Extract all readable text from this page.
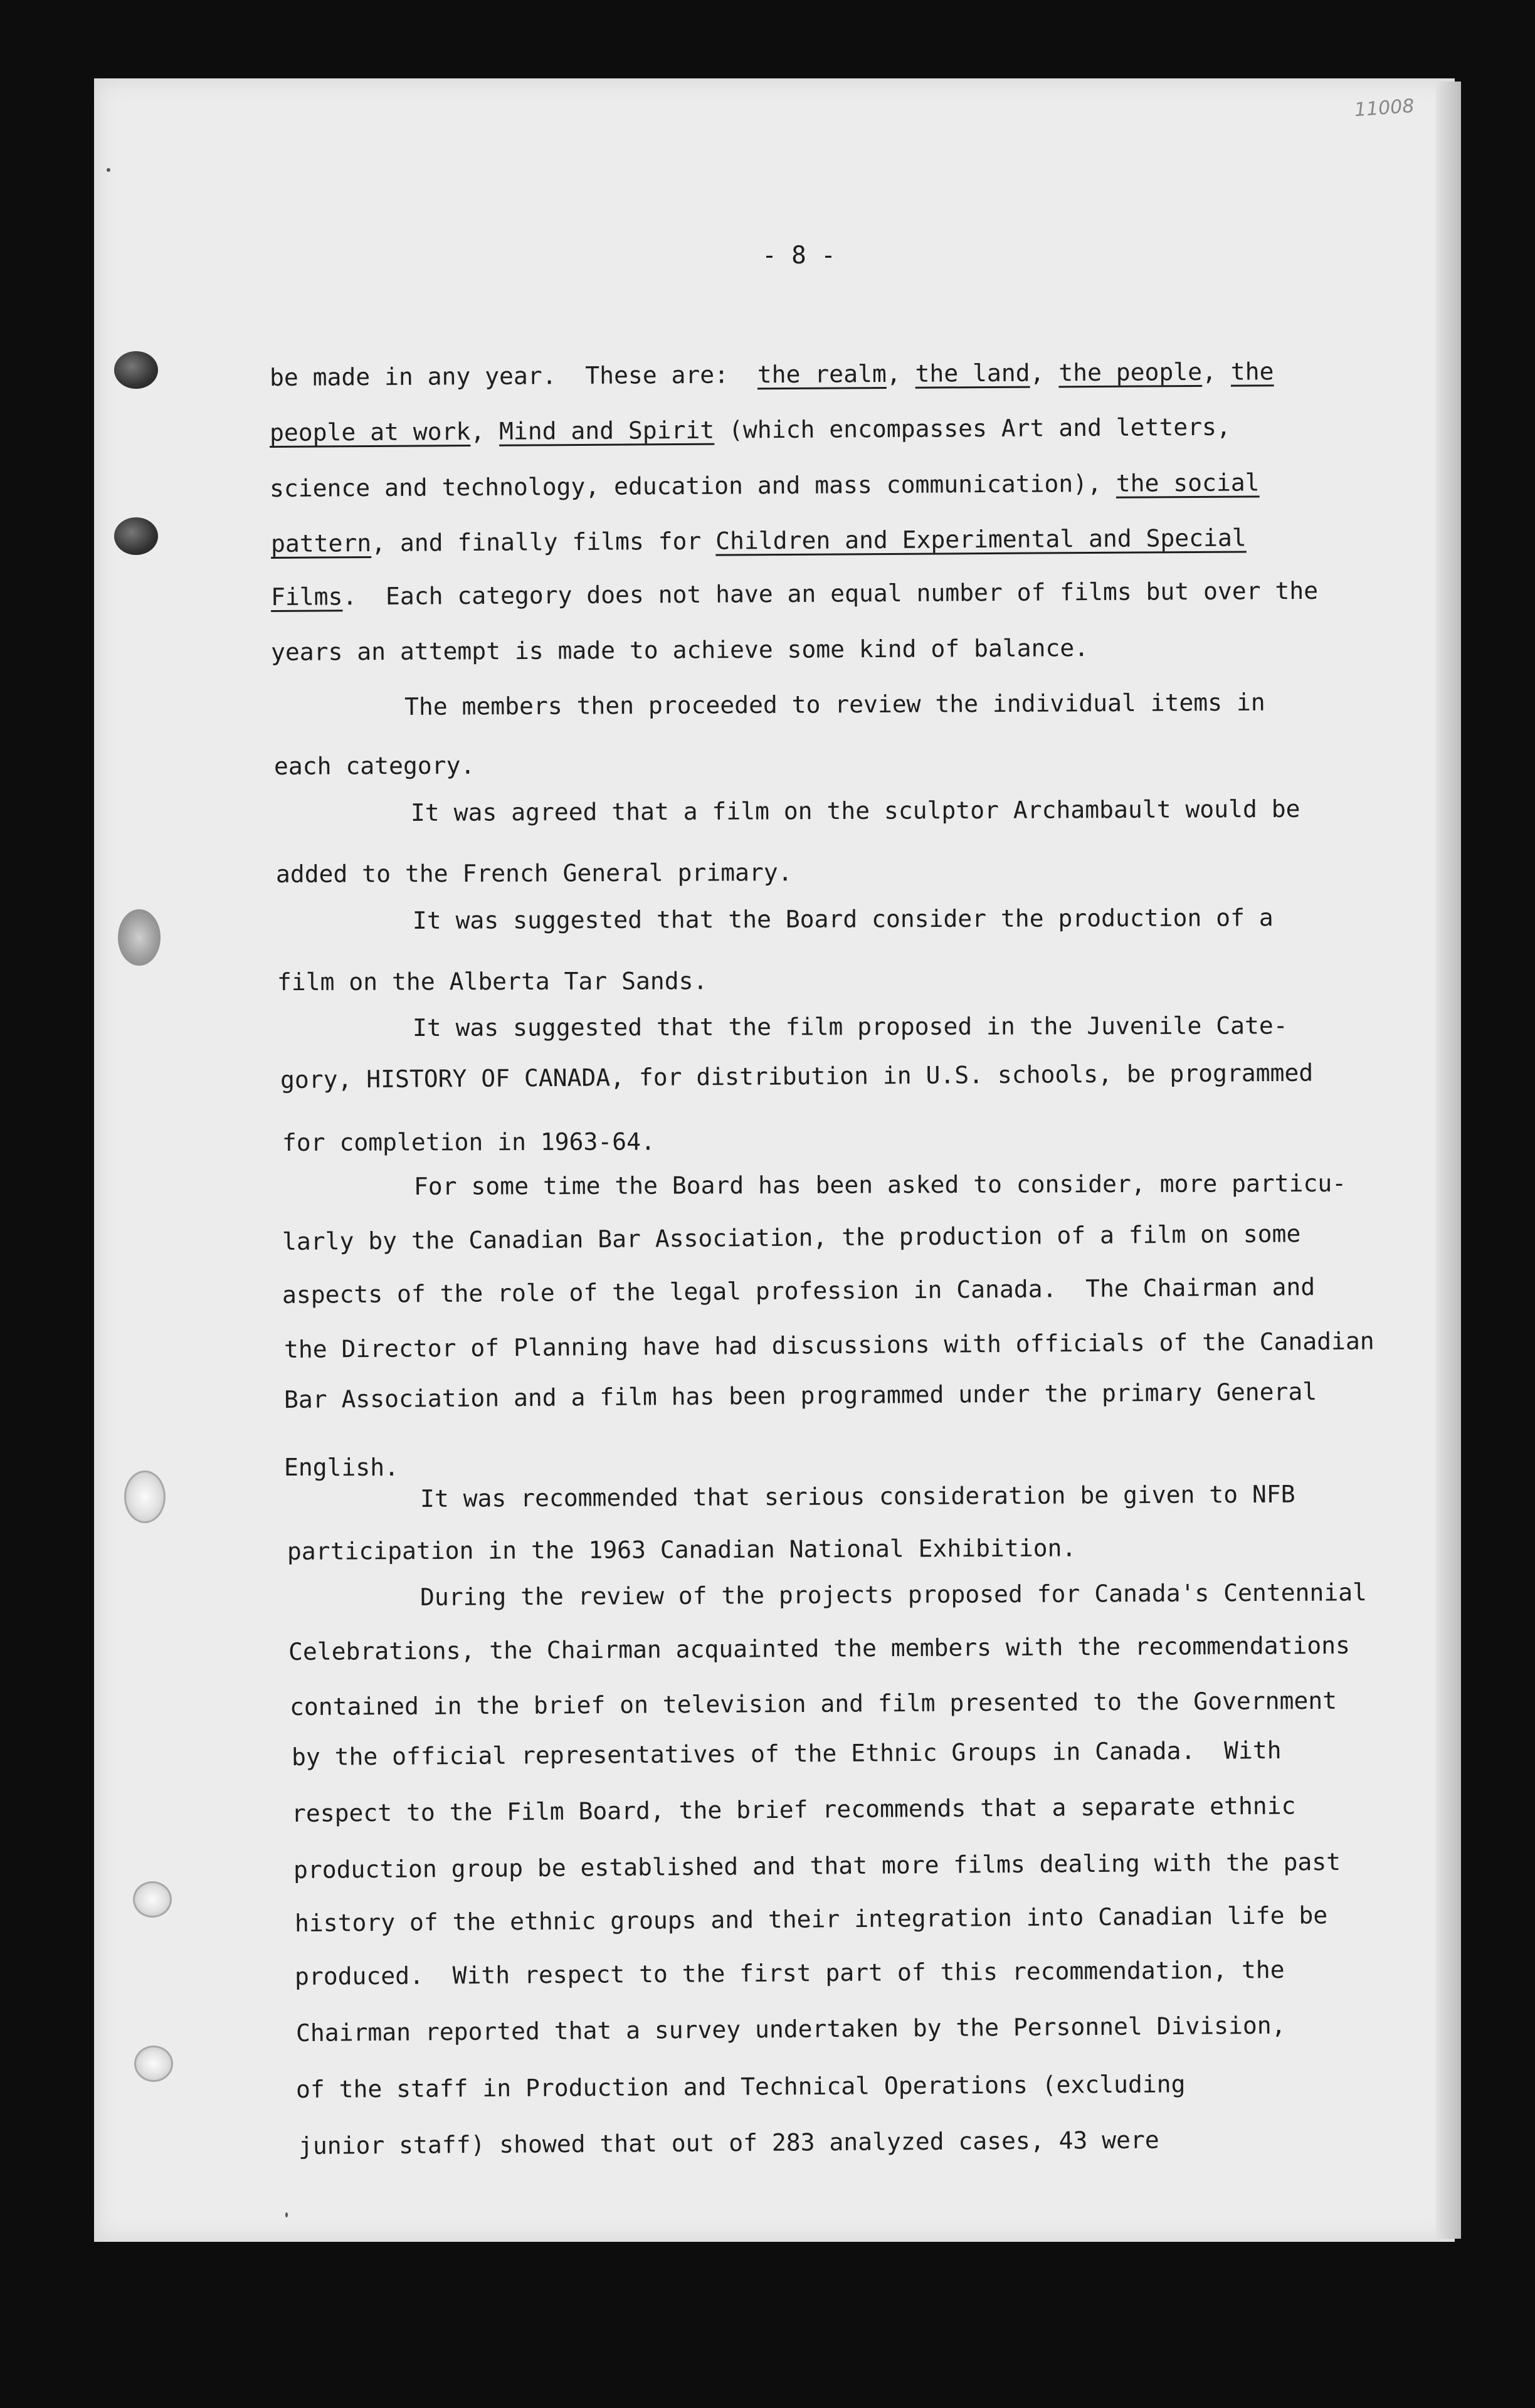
11008
- 8 -
be made in any year.  These are:  the realm, the land, the people, the
people at work, Mind and Spirit (which encompasses Art and letters,
science and technology, education and mass communication), the social
pattern, and finally films for Children and Experimental and Special
Films.  Each category does not have an equal number of films but over the
years an attempt is made to achieve some kind of balance.
The members then proceeded to review the individual items in
each category.
It was agreed that a film on the sculptor Archambault would be
added to the French General primary.
It was suggested that the Board consider the production of a
film on the Alberta Tar Sands.
It was suggested that the film proposed in the Juvenile Cate-
gory, HISTORY OF CANADA, for distribution in U.S. schools, be programmed
for completion in 1963-64.
For some time the Board has been asked to consider, more particu-
larly by the Canadian Bar Association, the production of a film on some
aspects of the role of the legal profession in Canada.  The Chairman and
the Director of Planning have had discussions with officials of the Canadian
Bar Association and a film has been programmed under the primary General
English.
It was recommended that serious consideration be given to NFB
participation in the 1963 Canadian National Exhibition.
During the review of the projects proposed for Canada's Centennial
Celebrations, the Chairman acquainted the members with the recommendations
contained in the brief on television and film presented to the Government
by the official representatives of the Ethnic Groups in Canada.  With
respect to the Film Board, the brief recommends that a separate ethnic
production group be established and that more films dealing with the past
history of the ethnic groups and their integration into Canadian life be
produced.  With respect to the first part of this recommendation, the
Chairman reported that a survey undertaken by the Personnel Division,
of the staff in Production and Technical Operations (excluding
junior staff) showed that out of 283 analyzed cases, 43 were
